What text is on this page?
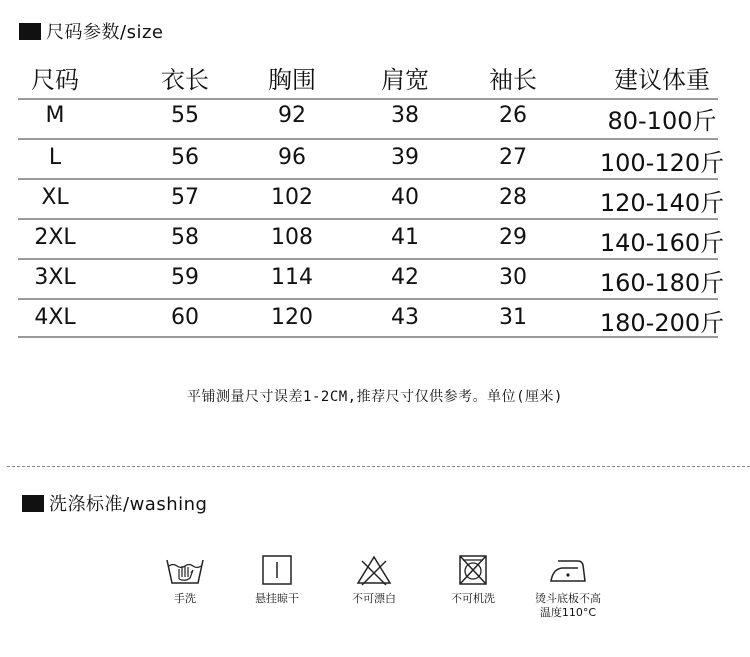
尺码参数/size
尺码	衣长	胸围	肩宽	袖长	建议体重
M	55	92	38	26	80-100斤
L	56	96	39	27	100-120斤
XL	57	102	40	28	120-140斤
2XL	58	108	41	29	140-160斤
3XL	59	114	42	30	160-180斤
4XL	60	120	43	31	180-200斤
平铺测量尺寸误差1-2CM,推荐尺寸仅供参考。单位(厘米)
洗涤标准/washing
手洗	悬挂晾干	不可漂白	不可机洗	烫斗底板不高
温度110°C
